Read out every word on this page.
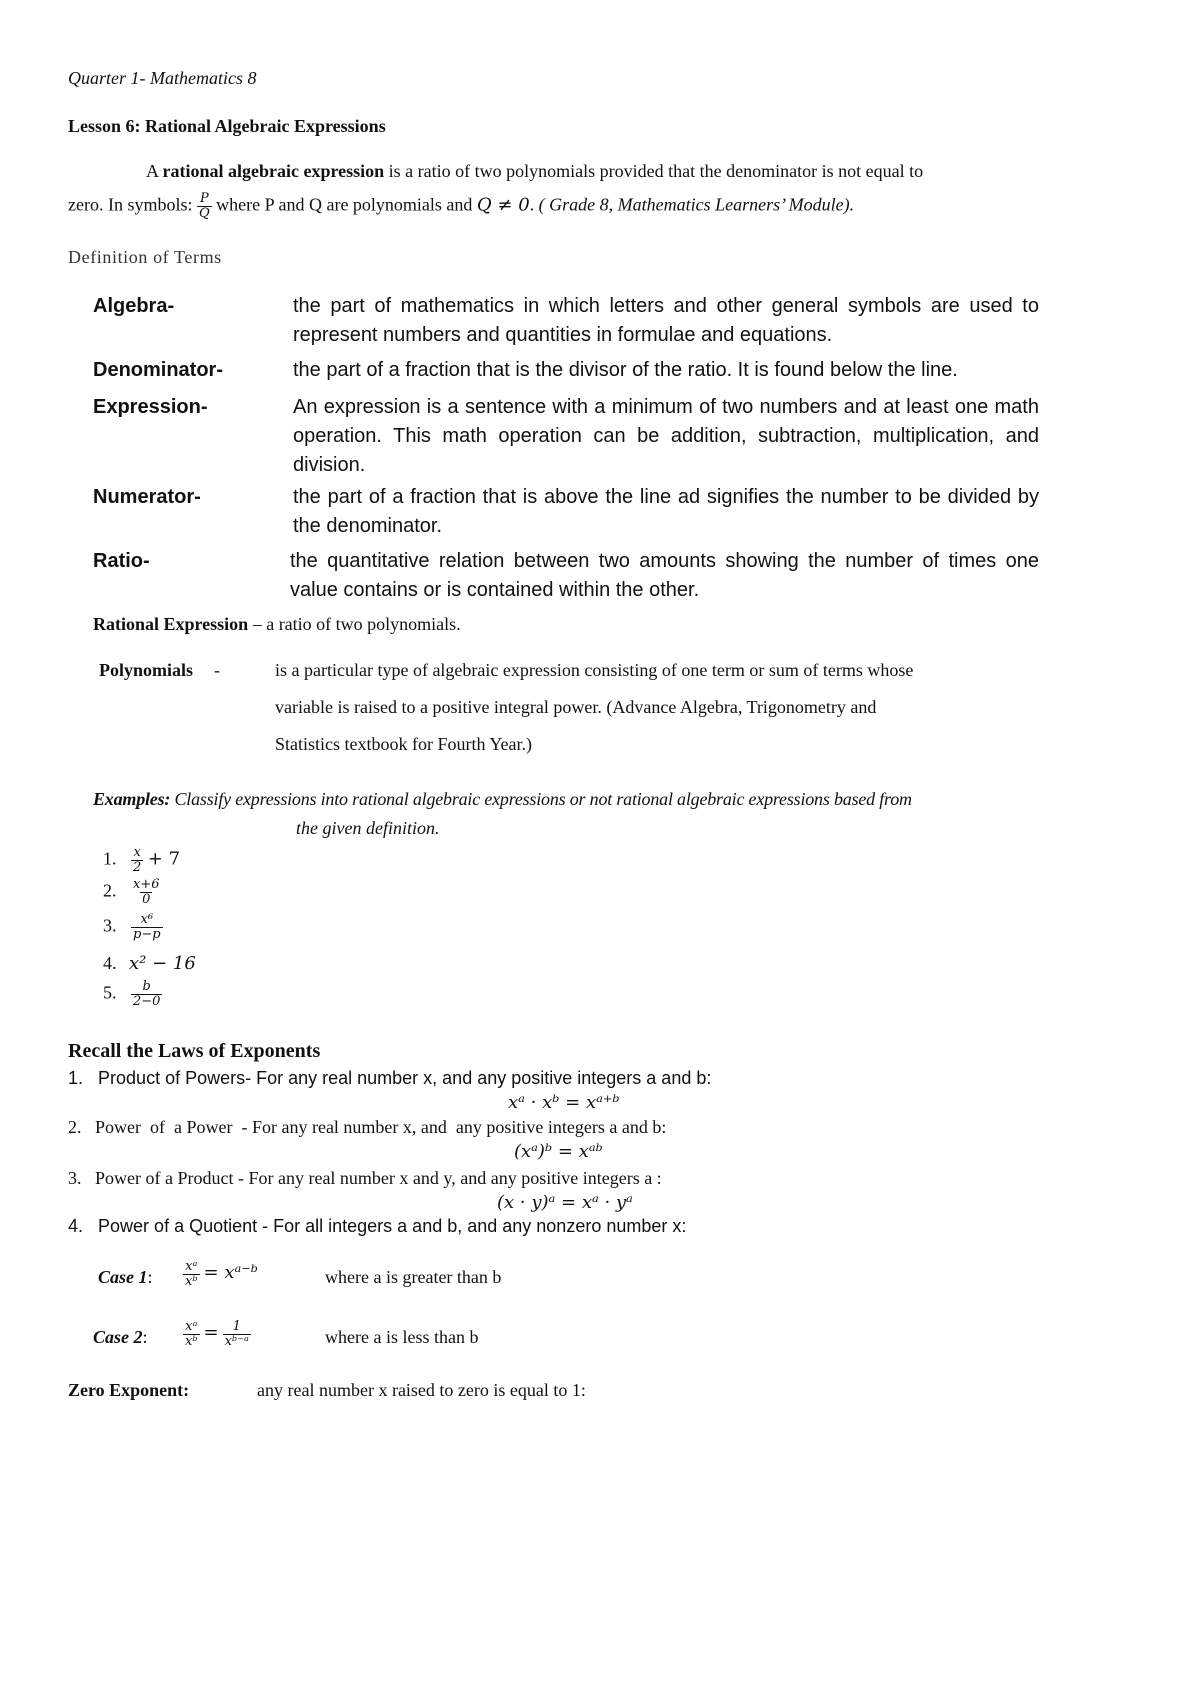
Quarter 1- Mathematics 8
Lesson 6: Rational Algebraic Expressions
A rational algebraic expression is a ratio of two polynomials provided that the denominator is not equal to
zero. In symbols: $\frac{P}{Q}$ where P and Q are polynomials and Q ≠ 0. ( Grade 8, Mathematics Learners’ Module).
Definition of Terms
Algebra-	the part of mathematics in which letters and other general symbols are used to represent numbers and quantities in formulae and equations.
Denominator-	the part of a fraction that is the divisor of the ratio. It is found below the line.
Expression-	An expression is a sentence with a minimum of two numbers and at least one math operation. This math operation can be addition, subtraction, multiplication, and division.
Numerator-	the part of a fraction that is above the line ad signifies the number to be divided by the denominator.
Ratio-	the quantitative relation between two amounts showing the number of times one value contains or is contained within the other.
Rational Expression – a ratio of two polynomials.
Polynomials -	is a particular type of algebraic expression consisting of one term or sum of terms whose
variable is raised to a positive integral power. (Advance Algebra, Trigonometry and
Statistics textbook for Fourth Year.)
Examples: Classify expressions into rational algebraic expressions or not rational algebraic expressions based from
the given definition.
1. $\frac{x}{2} + 7$
2. $\frac{x+6}{0}$
3. $\frac{\text{x⁶}}{p-p}$
4. x² − 16
5. $\frac{b}{2-0}$
Recall the Laws of Exponents
1. Product of Powers- For any real number x, and any positive integers a and b:
xᵃ · xᵇ = xᵃ⁺ᵇ
2. Power  of  a Power  - For any real number x, and  any positive integers a and b:
(xᵃ)ᵇ = xᵃᵇ
3. Power of a Product - For any real number x and y, and any positive integers a :
(x · y)ᵃ = xᵃ · yᵃ
4. Power of a Quotient - For all integers a and b, and any nonzero number x:
Case 1: $\frac{\text{xᵃ}}{\text{xᵇ}}$ = xᵃ⁻ᵇ	where a is greater than b
Case 2:	$\frac{\text{xᵃ}}{\text{xᵇ}} = \frac{1}{\text{xᵇ⁻ᵃ}}$	where a is less than b
Zero Exponent:	any real number x raised to zero is equal to 1:
